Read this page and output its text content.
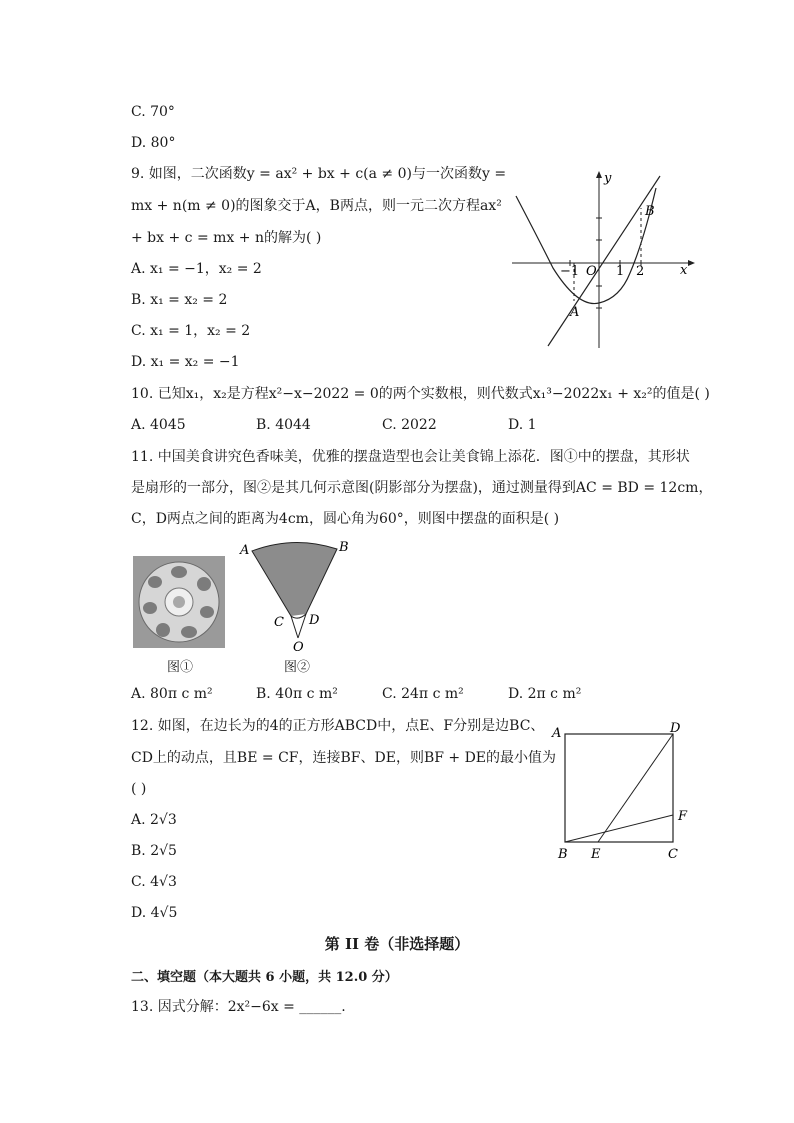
C. 70°
D. 80°
9. 如图，二次函数y = ax² + bx + c(a ≠ 0)与一次函数y =
mx + n(m ≠ 0)的图象交于A，B两点，则一元二次方程ax²
+ bx + c = mx + n的解为( )
A. x₁ = −1，x₂ = 2
B. x₁ = x₂ = 2
C. x₁ = 1，x₂ = 2
D. x₁ = x₂ = −1
y
x
O
−1	1 2
A
B
10. 已知x₁，x₂是方程x²−x−2022 = 0的两个实数根，则代数式x₁³−2022x₁ + x₂²的值是( )
A. 4045	B. 4044	C. 2022	D. 1
11. 中国美食讲究色香味美，优雅的摆盘造型也会让美食锦上添花．图①中的摆盘，其形状
是扇形的一部分，图②是其几何示意图(阴影部分为摆盘)，通过测量得到AC = BD = 12cm，
C，D两点之间的距离为4cm，圆心角为60°，则图中摆盘的面积是( )
图①
A	B
C D
O
图②
A. 80π c m²	B. 40π c m²	C. 24π c m²	D. 2π c m²
12. 如图，在边长为的4的正方形ABCD中，点E、F分别是边BC、
CD上的动点，且BE = CF，连接BF、DE，则BF + DE的最小值为
( )
A. 2√3
B. 2√5
C. 4√3
D. 4√5
A	D
F
B E	C
第 II 卷（非选择题）
二、填空题（本大题共 6 小题，共 12.0 分）
13. 因式分解：2x²−6x = ______.
